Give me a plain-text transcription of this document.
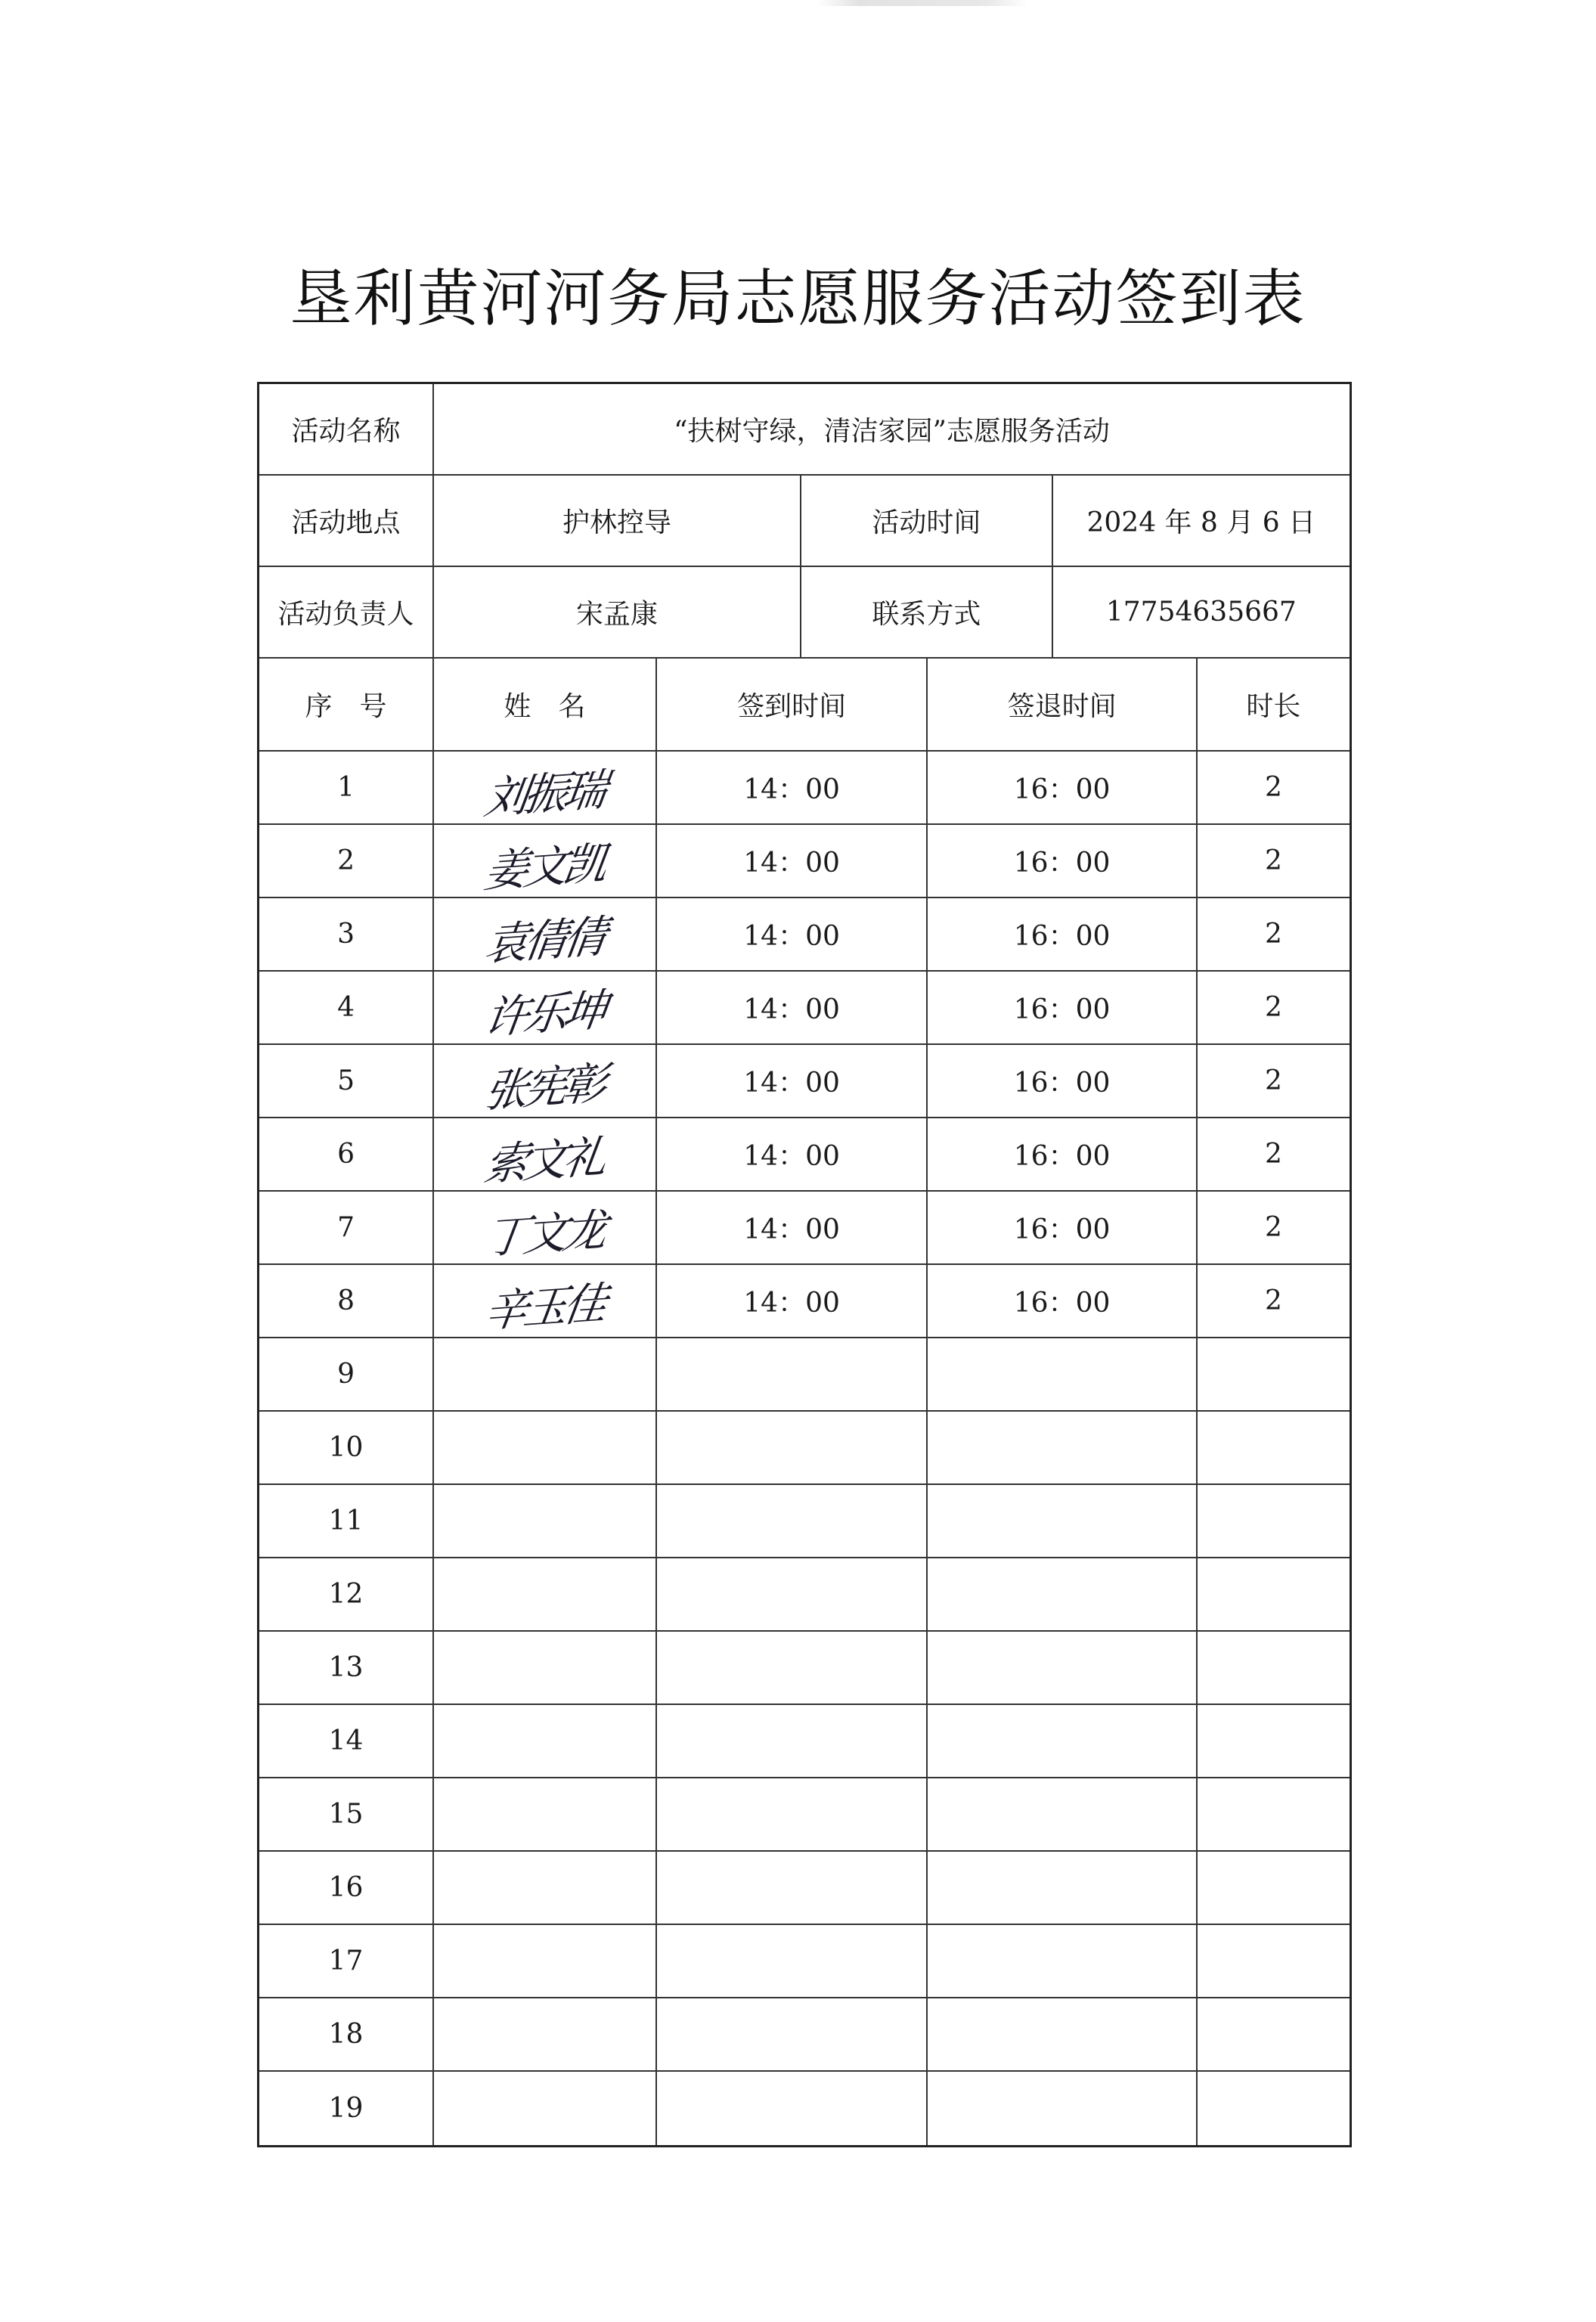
垦利黄河河务局志愿服务活动签到表
活动名称	“扶树守绿，清洁家园”志愿服务活动
活动地点	护林控导	活动时间	2024 年 8 月 6 日
活动负责人	宋孟康	联系方式	17754635667
序　号	姓　名	签到时间	签退时间	时长
1	刘振瑞	14：00	16：00	2
2	姜文凯	14：00	16：00	2
3	袁倩倩	14：00	16：00	2
4	许乐坤	14：00	16：00	2
5	张宪彰	14：00	16：00	2
6	索文礼	14：00	16：00	2
7	丁文龙	14：00	16：00	2
8	辛玉佳	14：00	16：00	2
9
10
11
12
13
14
15
16
17
18
19
